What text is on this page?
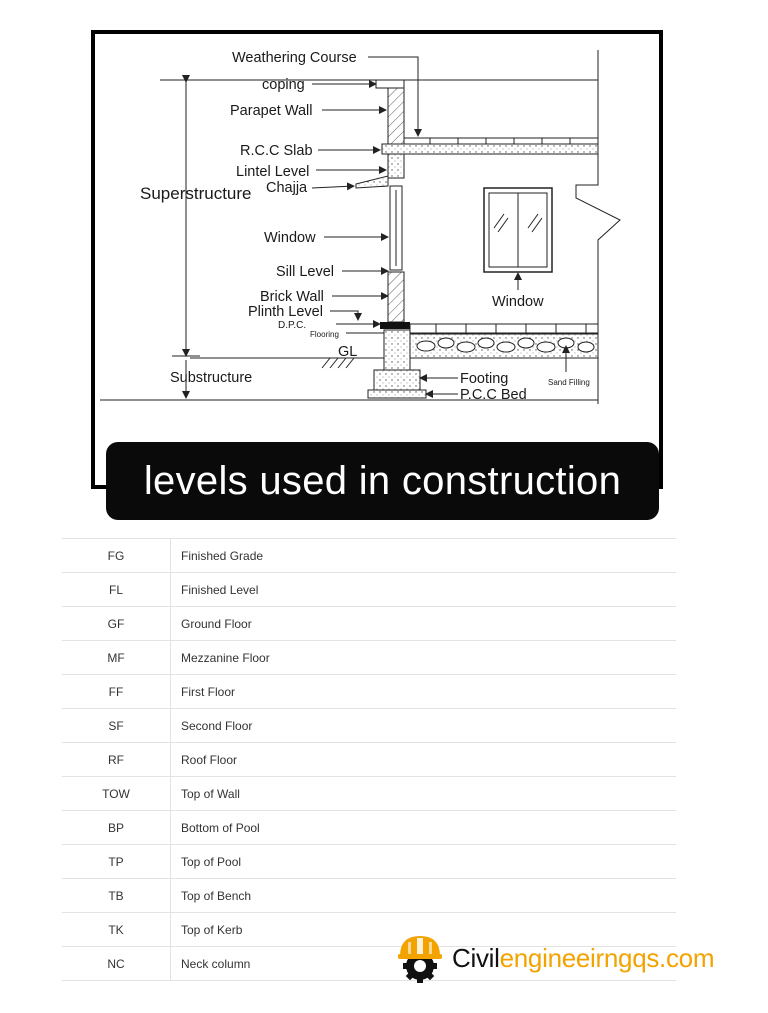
Weathering Course
coping
Parapet Wall
R.C.C Slab
Lintel Level
Chajja
Superstructure
Window
Sill Level
Brick Wall
Plinth Level
D.P.C.
Flooring
GL
Substructure	Footing
P.C.C Bed
Sand Filling
Window
levels used in construction
FG	Finished Grade
FL	Finished Level
GF	Ground Floor
MF	Mezzanine Floor
FF	First Floor
SF	Second Floor
RF	Roof Floor
TOW	Top of Wall
BP	Bottom of Pool
TP	Top of Pool
TB	Top of Bench
TK	Top of Kerb
NC	Neck column	Civilengineeirngqs.com
